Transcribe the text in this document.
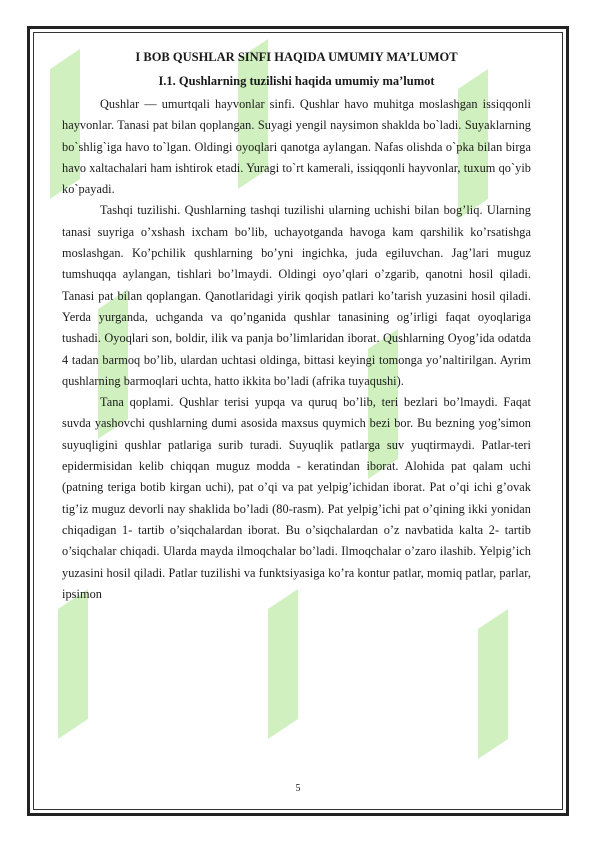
I BOB QUSHLAR SINFI HAQIDA UMUMIY MA’LUMOT
I.1. Qushlarning tuzilishi haqida umumiy ma’lumot

Qushlar — umurtqali hayvonlar sinfi. Qushlar havo muhitga moslashgan issiqqonli hayvonlar. Tanasi pat bilan qoplangan. Suyagi yengil naysimon shaklda bo`ladi. Suyaklarning bo`shlig`iga havo to`lgan. Oldingi oyoqlari qanotga aylangan. Nafas olishda o`pka bilan birga havo xaltachalari ham ishtirok etadi. Yuragi to`rt kamerali, issiqqonli hayvonlar, tuxum qo`yib ko`payadi.

Tashqi tuzilishi. Qushlarning tashqi tuzilishi ularning uchishi bilan bog’liq. Ularning tanasi suyriga o’xshash ixcham bo’lib, uchayotganda havoga kam qarshilik ko’rsatishga moslashgan. Ko’pchilik qushlarning bo’yni ingichka, juda egiluvchan. Jag’lari muguz tumshuqqa aylangan, tishlari bo’lmaydi. Oldingi oyo’qlari o’zgarib, qanotni hosil qiladi. Tanasi pat bilan qoplangan. Qanotlaridagi yirik qoqish patlari ko’tarish yuzasini hosil qiladi. Yerda yurganda, uchganda va qo’nganida qushlar tanasining og’irligi faqat oyoqlariga tushadi. Oyoqlari son, boldir, ilik va panja bo’limlaridan iborat. Qushlarning Oyog’ida odatda 4 tadan barmoq bo’lib, ulardan uchtasi oldinga, bittasi keyingi tomonga yo’naltirilgan. Ayrim qushlarning barmoqlari uchta, hatto ikkita bo’ladi (afrika tuyaqushi).

Tana qoplami. Qushlar terisi yupqa va quruq bo’lib, teri bezlari bo’lmaydi. Faqat suvda yashovchi qushlarning dumi asosida maxsus quymich bezi bor. Bu bezning yog’simon suyuqligini qushlar patlariga surib turadi. Suyuqlik patlarga suv yuqtirmaydi. Patlar-teri epidermisidan kelib chiqqan muguz modda - keratindan iborat. Alohida pat qalam uchi (patning teriga botib kirgan uchi), pat o’qi va pat yelpig’ichidan iborat. Pat o’qi ichi g’ovak tig’iz muguz devorli nay shaklida bo’ladi (80-rasm). Pat yelpig’ichi pat o’qining ikki yonidan chiqadigan 1- tartib o’siqchalardan iborat. Bu o’siqchalardan o’z navbatida kalta 2- tartib o’siqchalar chiqadi. Ularda mayda ilmoqchalar bo’ladi. Ilmoqchalar o’zaro ilashib. Yelpig’ich yuzasini hosil qiladi. Patlar tuzilishi va funktsiyasiga ko’ra kontur patlar, momiq patlar, parlar, ipsimon

5
